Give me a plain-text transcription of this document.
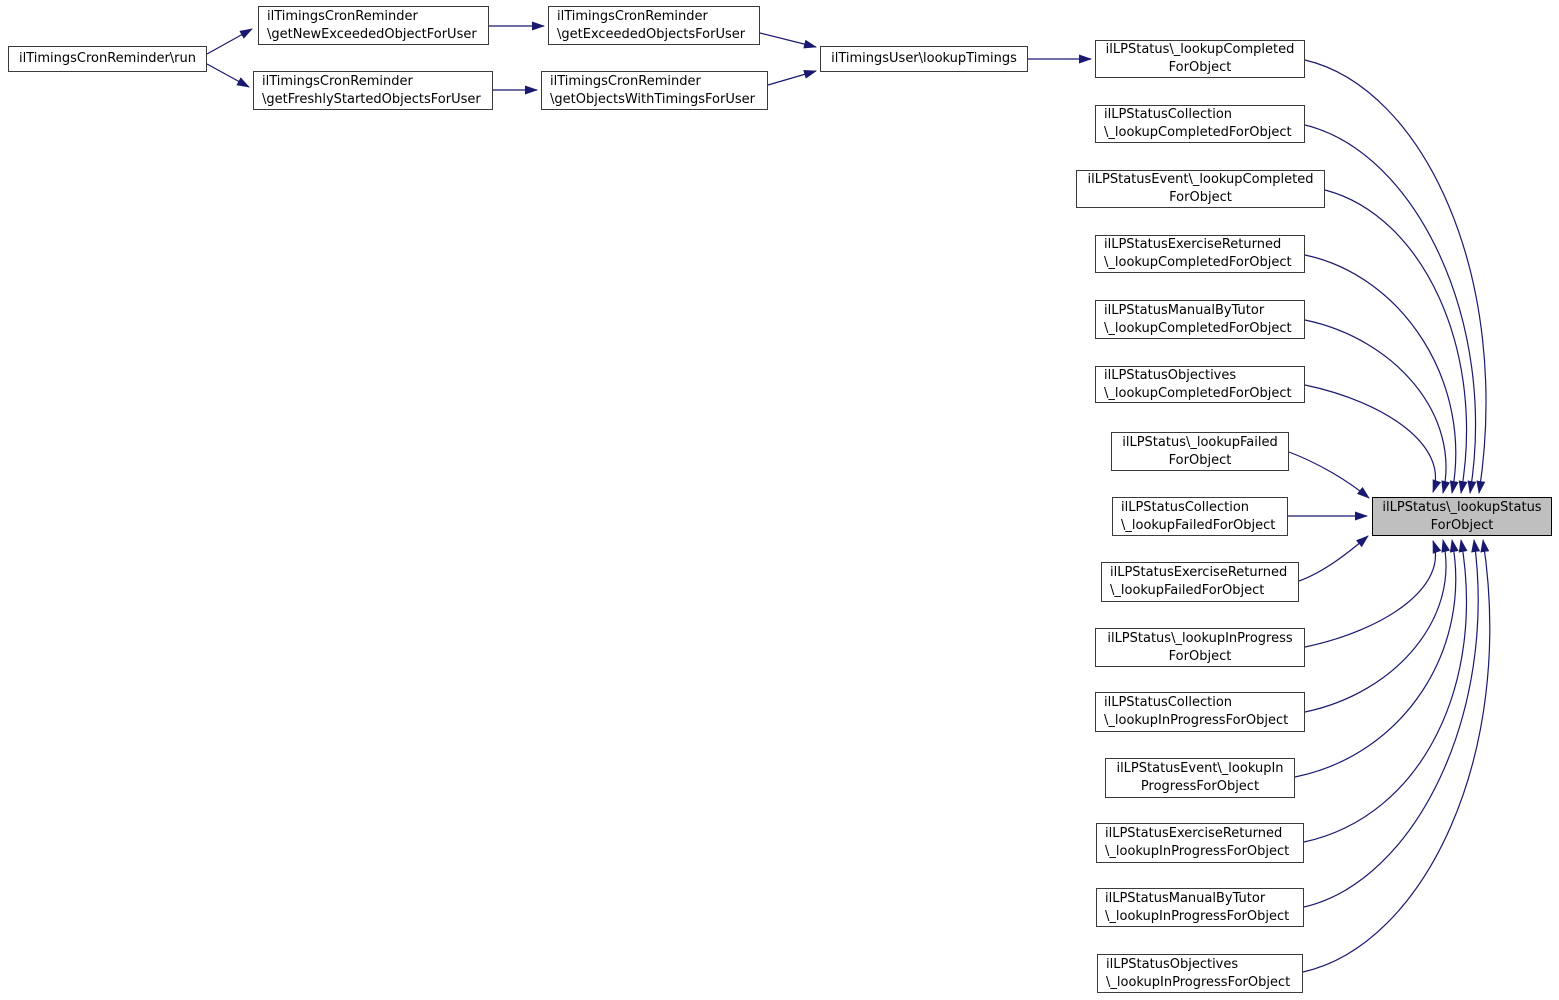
ilTimingsCronReminder\run
ilTimingsCronReminder
\getNewExceededObjectForUser
ilTimingsCronReminder
\getFreshlyStartedObjectsForUser
ilTimingsCronReminder
\getExceededObjectsForUser
ilTimingsCronReminder
\getObjectsWithTimingsForUser
ilTimingsUser\lookupTimings
ilLPStatus\_lookupCompleted
ForObject
ilLPStatusCollection
\_lookupCompletedForObject
ilLPStatusEvent\_lookupCompleted
ForObject
ilLPStatusExerciseReturned
\_lookupCompletedForObject
ilLPStatusManualByTutor
\_lookupCompletedForObject
ilLPStatusObjectives
\_lookupCompletedForObject
ilLPStatus\_lookupFailed
ForObject
ilLPStatusCollection
\_lookupFailedForObject
ilLPStatusExerciseReturned
\_lookupFailedForObject
ilLPStatus\_lookupInProgress
ForObject
ilLPStatusCollection
\_lookupInProgressForObject
ilLPStatusEvent\_lookupIn
ProgressForObject
ilLPStatusExerciseReturned
\_lookupInProgressForObject
ilLPStatusManualByTutor
\_lookupInProgressForObject
ilLPStatusObjectives
\_lookupInProgressForObject
ilLPStatus\_lookupStatus
ForObject
